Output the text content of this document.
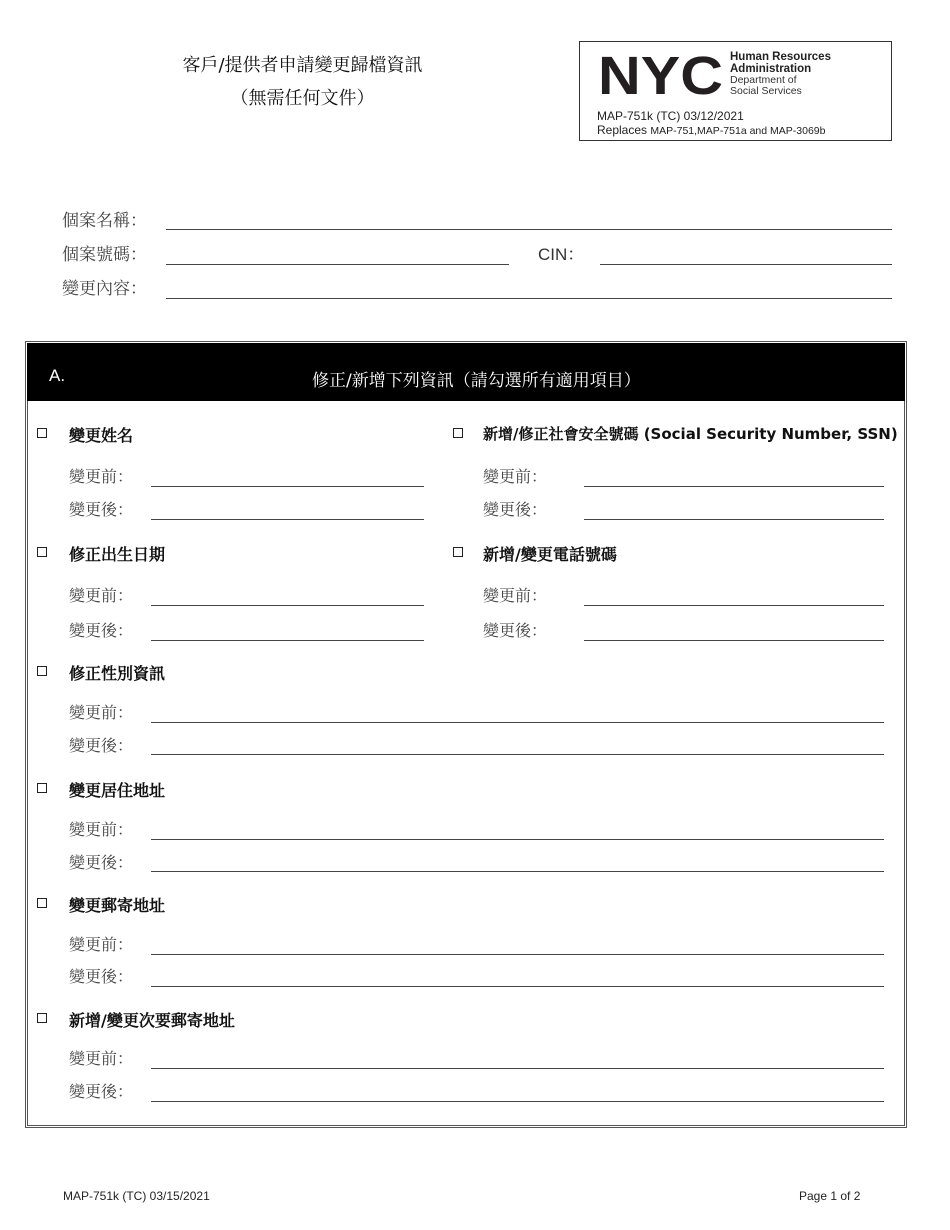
客戶/提供者申請變更歸檔資訊
（無需任何文件）	NYC Human Resources
Administration
Department of
Social Services
MAP-751k (TC) 03/12/2021
Replaces MAP-751,MAP-751a and MAP-3069b
個案名稱：
個案號碼：	CIN：
變更內容：
A.	修正/新增下列資訊（請勾選所有適用項目）
變更姓名
變更前：
變更後：
新增/修正社會安全號碼 (Social Security Number, SSN)
變更前：
變更後：
修正出生日期
變更前：
變更後：
新增/變更電話號碼
變更前：
變更後：
修正性別資訊
變更前：
變更後：
變更居住地址
變更前：
變更後：
變更郵寄地址
變更前：
變更後：
新增/變更次要郵寄地址
變更前：
變更後：
MAP-751k (TC) 03/15/2021	Page 1 of 2
